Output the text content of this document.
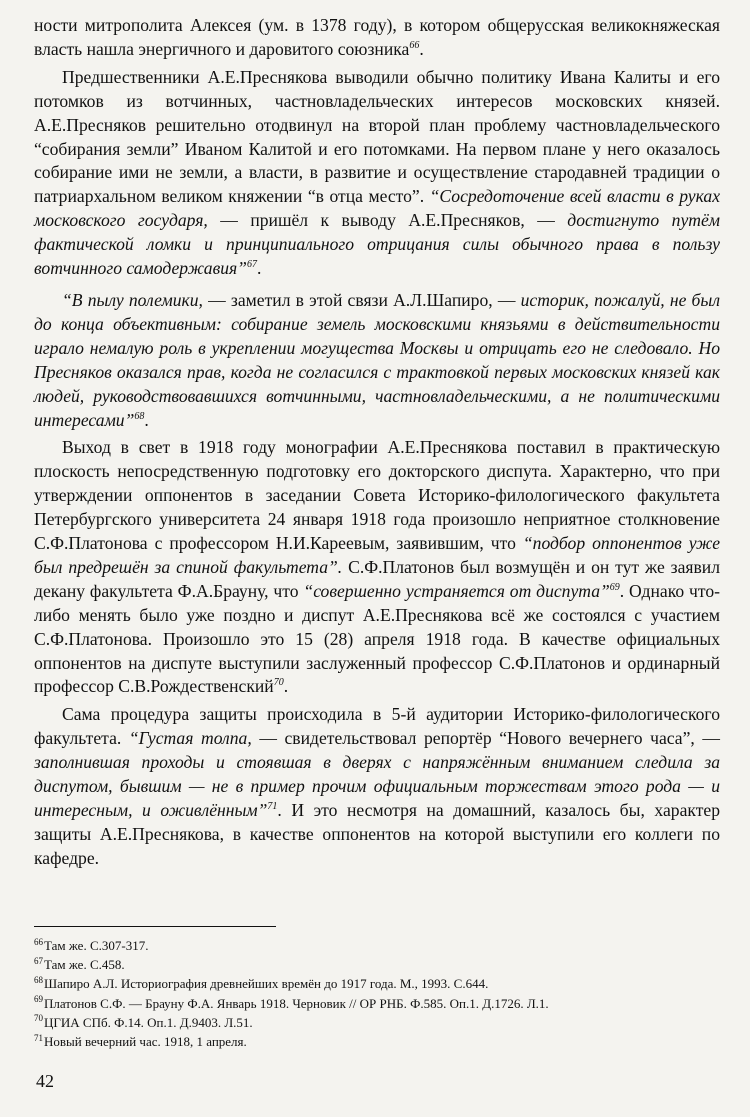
ности митрополита Алексея (ум. в 1378 году), в котором общерусская великокняжеская власть нашла энергичного и даровитого союзника$^{66}$.

Предшественники А.Е.Преснякова выводили обычно политику Ивана Калиты и его потомков из вотчинных, частновладельческих интересов московских князей. А.Е.Пресняков решительно отодвинул на второй план проблему частновладельческого “собирания земли” Иваном Калитой и его потомками. На первом плане у него оказалось собирание ими не земли, а власти, в развитие и осуществление стародавней традиции о патриархальном великом княжении “в отца место”. “Сосредоточение всей власти в руках московского государя, — пришёл к выводу А.Е.Пресняков, — достигнуто путём фактической ломки и принципиального отрицания силы обычного права в пользу вотчинного самодержавия”$^{67}$.

“В пылу полемики, — заметил в этой связи А.Л.Шапиро, — историк, пожалуй, не был до конца объективным: собирание земель московскими князьями в действительности играло немалую роль в укреплении могущества Москвы и отрицать его не следовало. Но Пресняков оказался прав, когда не согласился с трактовкой первых московских князей как людей, руководствовавшихся вотчинными, частновладельческими, а не политическими интересами”$^{68}$.

Выход в свет в 1918 году монографии А.Е.Преснякова поставил в практическую плоскость непосредственную подготовку его докторского диспута. Характерно, что при утверждении оппонентов в заседании Совета Историко-филологического факультета Петербургского университета 24 января 1918 года произошло неприятное столкновение С.Ф.Платонова с профессором Н.И.Кареевым, заявившим, что “подбор оппонентов уже был предрешён за спиной факультета”. С.Ф.Платонов был возмущён и он тут же заявил декану факультета Ф.А.Брауну, что “совершенно устраняется от диспута”$^{69}$. Однако что-либо менять было уже поздно и диспут А.Е.Преснякова всё же состоялся с участием С.Ф.Платонова. Произошло это 15 (28) апреля 1918 года. В качестве официальных оппонентов на диспуте выступили заслуженный профессор С.Ф.Платонов и ординарный профессор С.В.Рождественский$^{70}$.

Сама процедура защиты происходила в 5-й аудитории Историко-филологического факультета. “Густая толпа, — свидетельствовал репортёр “Нового вечернего часа”, — заполнившая проходы и стоявшая в дверях с напряжённым вниманием следила за диспутом, бывшим — не в пример прочим официальным торжествам этого рода — и интересным, и оживлённым”$^{71}$. И это несмотря на домашний, казалось бы, характер защиты А.Е.Преснякова, в качестве оппонентов на которой выступили его коллеги по кафедре.

$^{66}$Там же. С.307-317.
$^{67}$Там же. С.458.
$^{68}$Шапиро А.Л. Историография древнейших времён до 1917 года. М., 1993. С.644.
$^{69}$Платонов С.Ф. — Брауну Ф.А. Январь 1918. Черновик // ОР РНБ. Ф.585. Оп.1. Д.1726. Л.1.
$^{70}$ЦГИА СПб. Ф.14. Оп.1. Д.9403. Л.51.
$^{71}$Новый вечерний час. 1918, 1 апреля.
42
